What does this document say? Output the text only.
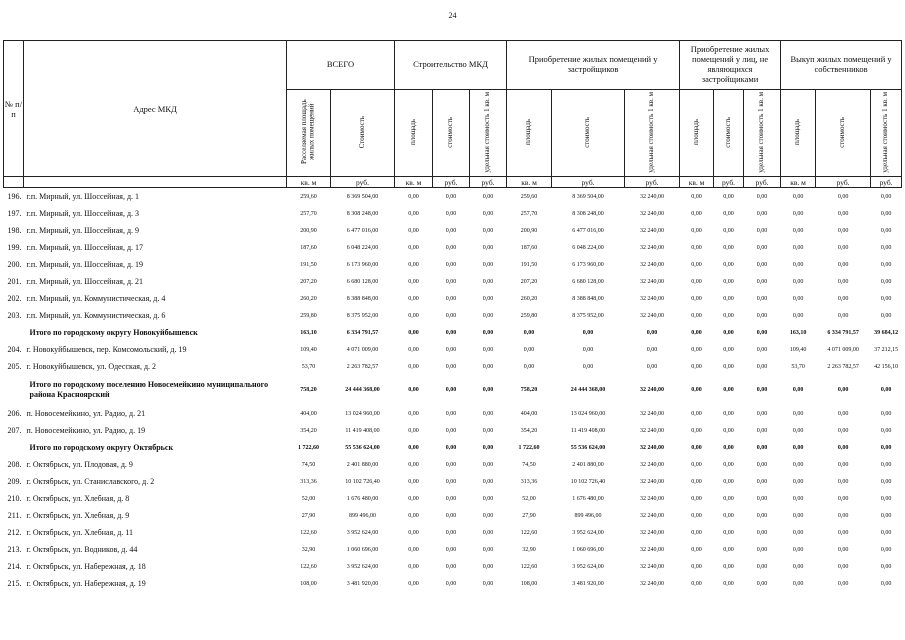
24
№ п/п	Адрес МКД	ВСЕГО		Строительство МКД			Приобретение жилых помещений у застройщиков			Приобретение жилых помещений у лиц, не являющихся застройщиками			Выкуп жилых помещений у собственников		
		Расселяемая площадь жилых помещений	Стоимость	площадь	стоимость	удельная стоимость 1 кв. м	площадь	стоимость	удельная стоимость 1 кв. м	площадь	стоимость	удельная стоимость 1 кв. м	площадь	стоимость	удельная стоимость 1 кв. м
		кв. м	руб.	кв. м	руб.	руб.	кв. м	руб.	руб.	кв. м	руб.	руб.	кв. м	руб.	руб.
196.	г.п. Мирный, ул. Шоссейная, д. 1	259,60	8 369 504,00	0,00	0,00	0,00	259,60	8 369 504,00	32 240,00	0,00	0,00	0,00	0,00	0,00	0,00
197.	г.п. Мирный, ул. Шоссейная, д. 3	257,70	8 308 248,00	0,00	0,00	0,00	257,70	8 308 248,00	32 240,00	0,00	0,00	0,00	0,00	0,00	0,00
198.	г.п. Мирный, ул. Шоссейная, д. 9	200,90	6 477 016,00	0,00	0,00	0,00	200,90	6 477 016,00	32 240,00	0,00	0,00	0,00	0,00	0,00	0,00
199.	г.п. Мирный, ул. Шоссейная, д. 17	187,60	6 048 224,00	0,00	0,00	0,00	187,60	6 048 224,00	32 240,00	0,00	0,00	0,00	0,00	0,00	0,00
200.	г.п. Мирный, ул. Шоссейная, д. 19	191,50	6 173 960,00	0,00	0,00	0,00	191,50	6 173 960,00	32 240,00	0,00	0,00	0,00	0,00	0,00	0,00
201.	г.п. Мирный, ул. Шоссейная, д. 21	207,20	6 680 128,00	0,00	0,00	0,00	207,20	6 680 128,00	32 240,00	0,00	0,00	0,00	0,00	0,00	0,00
202.	г.п. Мирный, ул. Коммунистическая, д. 4	260,20	8 388 848,00	0,00	0,00	0,00	260,20	8 388 848,00	32 240,00	0,00	0,00	0,00	0,00	0,00	0,00
203.	г.п. Мирный, ул. Коммунистическая, д. 6	259,80	8 375 952,00	0,00	0,00	0,00	259,80	8 375 952,00	32 240,00	0,00	0,00	0,00	0,00	0,00	0,00
	Итого по городскому округу Новокуйбышевск	163,10	6 334 791,57	0,00	0,00	0,00	0,00	0,00	0,00	0,00	0,00	0,00	163,10	6 334 791,57	39 684,12
204.	г. Новокуйбышевск, пер. Комсомольский, д. 19	109,40	4 071 009,00	0,00	0,00	0,00	0,00	0,00	0,00	0,00	0,00	0,00	109,40	4 071 009,00	37 212,15
205.	г. Новокуйбышевск, ул. Одесская, д. 2	53,70	2 263 782,57	0,00	0,00	0,00	0,00	0,00	0,00	0,00	0,00	0,00	53,70	2 263 782,57	42 156,10
	Итого по городскому поселению Новосемейкино муниципального района Красноярский	758,20	24 444 368,00	0,00	0,00	0,00	758,20	24 444 368,00	32 240,00	0,00	0,00	0,00	0,00	0,00	0,00
206.	п. Новосемейкино, ул. Радио, д. 21	404,00	13 024 960,00	0,00	0,00	0,00	404,00	13 024 960,00	32 240,00	0,00	0,00	0,00	0,00	0,00	0,00
207.	п. Новосемейкино, ул. Радио, д. 19	354,20	11 419 408,00	0,00	0,00	0,00	354,20	11 419 408,00	32 240,00	0,00	0,00	0,00	0,00	0,00	0,00
	Итого по городскому округу Октябрьск	1 722,60	55 536 624,00	0,00	0,00	0,00	1 722,60	55 536 624,00	32 240,00	0,00	0,00	0,00	0,00	0,00	0,00
208.	г. Октябрьск, ул. Плодовая, д. 9	74,50	2 401 880,00	0,00	0,00	0,00	74,50	2 401 880,00	32 240,00	0,00	0,00	0,00	0,00	0,00	0,00
209.	г. Октябрьск, ул. Станиславского, д. 2	313,36	10 102 726,40	0,00	0,00	0,00	313,36	10 102 726,40	32 240,00	0,00	0,00	0,00	0,00	0,00	0,00
210.	г. Октябрьск, ул. Хлебная, д. 8	52,00	1 676 480,00	0,00	0,00	0,00	52,00	1 676 480,00	32 240,00	0,00	0,00	0,00	0,00	0,00	0,00
211.	г. Октябрьск, ул. Хлебная, д. 9	27,90	899 496,00	0,00	0,00	0,00	27,90	899 496,00	32 240,00	0,00	0,00	0,00	0,00	0,00	0,00
212.	г. Октябрьск, ул. Хлебная, д. 11	122,60	3 952 624,00	0,00	0,00	0,00	122,60	3 952 624,00	32 240,00	0,00	0,00	0,00	0,00	0,00	0,00
213.	г. Октябрьск, ул. Водников, д. 44	32,90	1 060 696,00	0,00	0,00	0,00	32,90	1 060 696,00	32 240,00	0,00	0,00	0,00	0,00	0,00	0,00
214.	г. Октябрьск, ул. Набережная, д. 18	122,60	3 952 624,00	0,00	0,00	0,00	122,60	3 952 624,00	32 240,00	0,00	0,00	0,00	0,00	0,00	0,00
215.	г. Октябрьск, ул. Набережная, д. 19	108,00	3 481 920,00	0,00	0,00	0,00	108,00	3 481 920,00	32 240,00	0,00	0,00	0,00	0,00	0,00	0,00
